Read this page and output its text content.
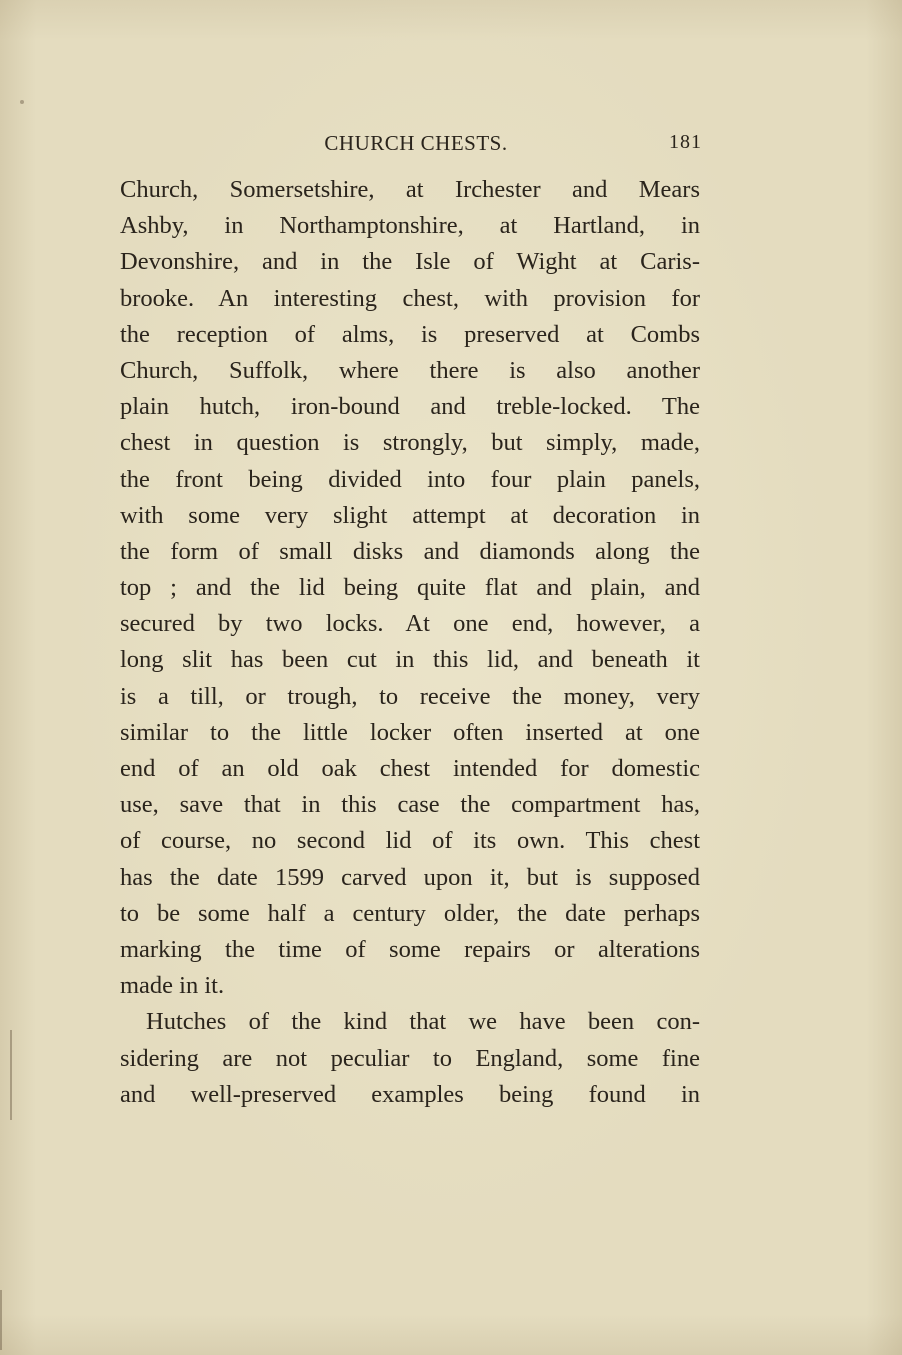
CHURCH CHESTS.	181
Church, Somersetshire, at Irchester and Mears
Ashby, in Northamptonshire, at Hartland, in
Devonshire, and in the Isle of Wight at Caris-
brooke. An interesting chest, with provision for
the reception of alms, is preserved at Combs
Church, Suffolk, where there is also another
plain hutch, iron-bound and treble-locked. The
chest in question is strongly, but simply, made,
the front being divided into four plain panels,
with some very slight attempt at decoration in
the form of small disks and diamonds along the
top ; and the lid being quite flat and plain, and
secured by two locks. At one end, however, a
long slit has been cut in this lid, and beneath it
is a till, or trough, to receive the money, very
similar to the little locker often inserted at one
end of an old oak chest intended for domestic
use, save that in this case the compartment has,
of course, no second lid of its own. This chest
has the date 1599 carved upon it, but is supposed
to be some half a century older, the date perhaps
marking the time of some repairs or alterations
made in it.
Hutches of the kind that we have been con-
sidering are not peculiar to England, some fine
and well-preserved examples being found in
